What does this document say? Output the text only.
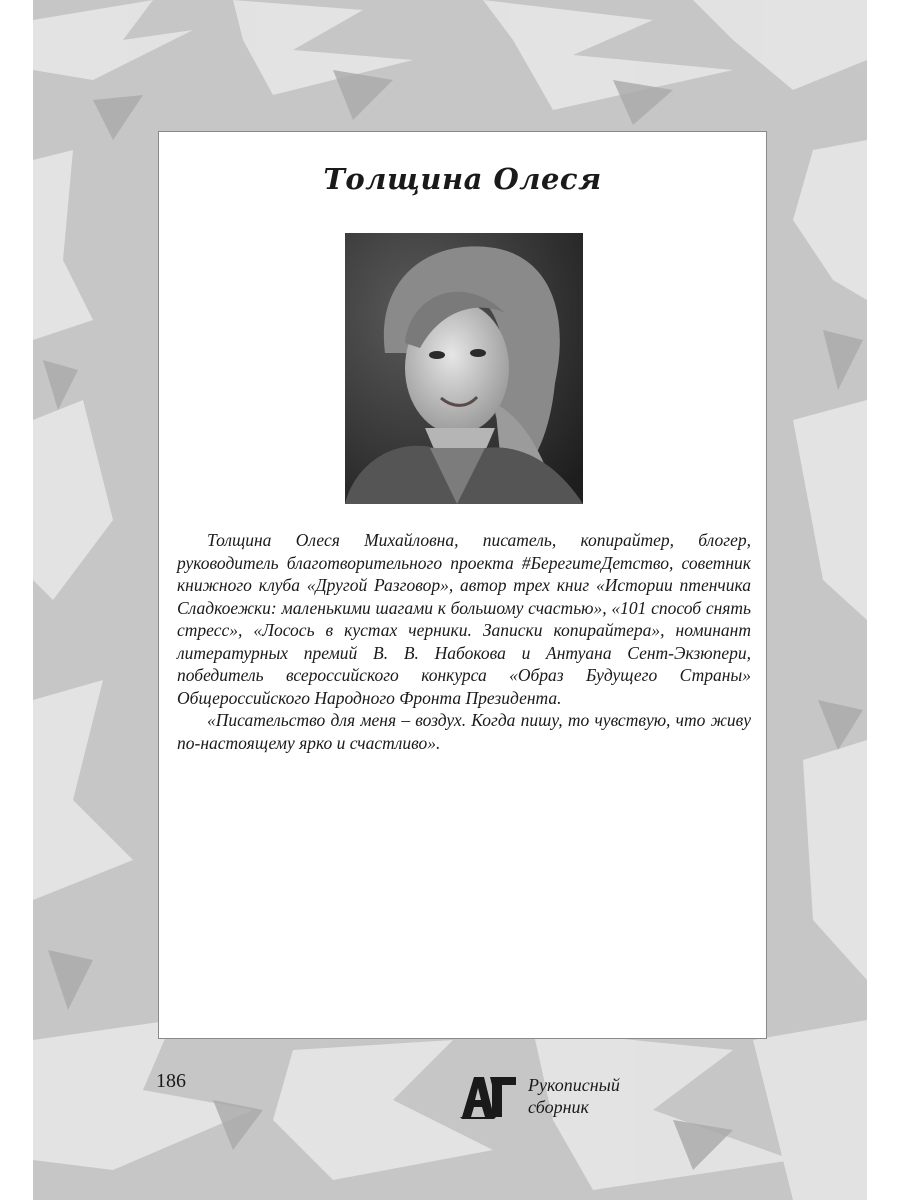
Толщина Олеся

Толщина Олеся Михайловна, писатель, копирайтер, блогер, руководитель благотворительного проекта #БерегитеДетство, советник книжного клуба «Другой Разговор», автор трех книг «Истории птенчика Сладкоежки: маленькими шагами к большому счастью», «101 способ снять стресс», «Лосось в кустах черники. Записки копирайтера», номинант литературных премий В. В. Набокова и Антуана Сент-Экзюпери, победитель всероссийского конкурса «Образ Будущего Страны» Общероссийского Народного Фронта Президента.

«Писательство для меня – воздух. Когда пишу, то чувствую, что живу по-настоящему ярко и счастливо».

186	Рукописный
сборник
